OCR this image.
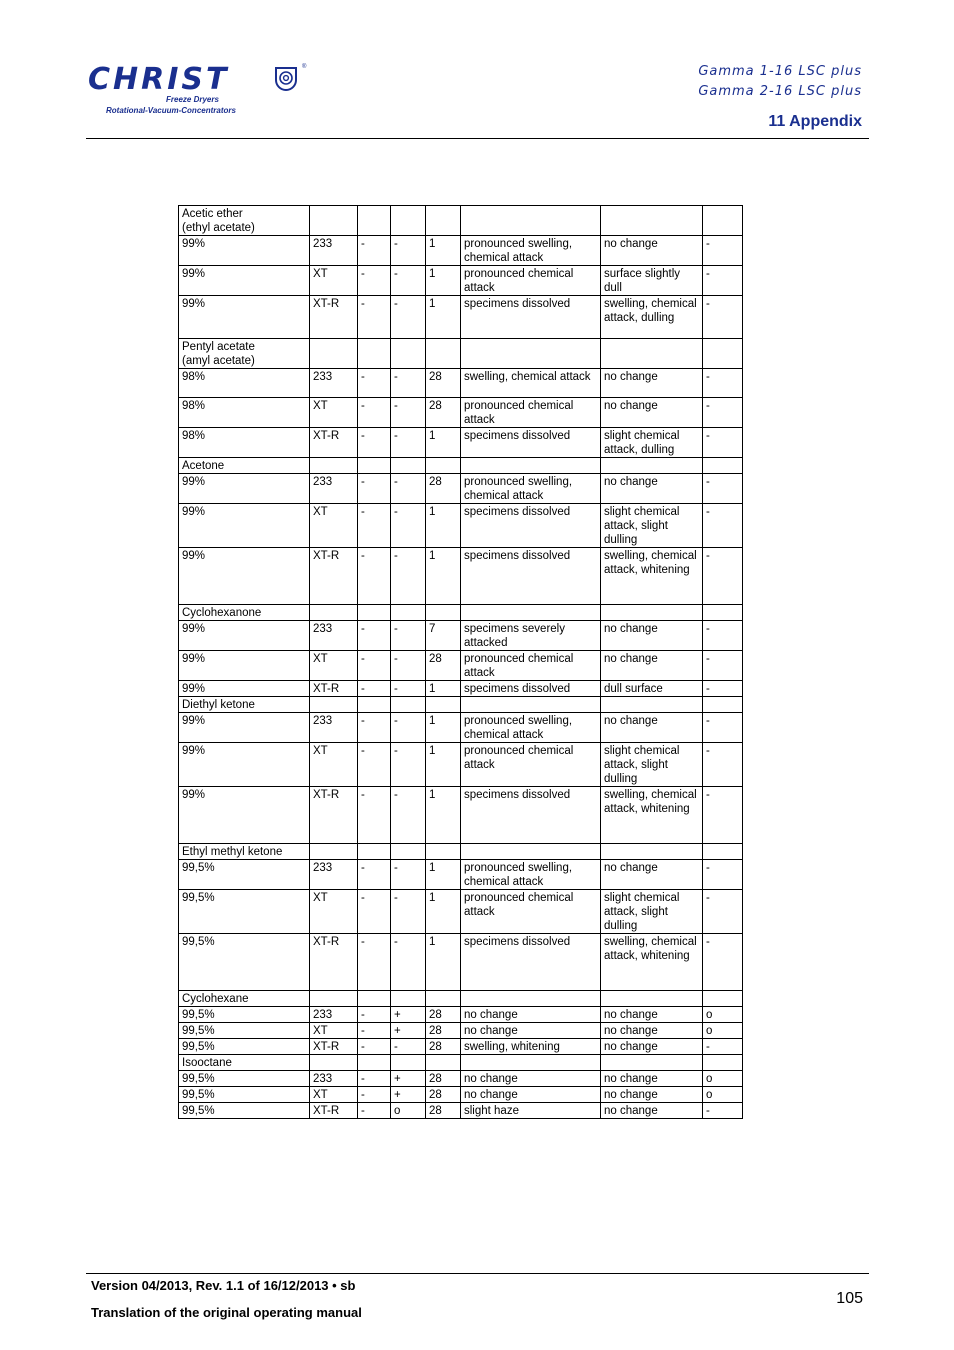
CHRIST	®
Freeze Dryers
Rotational-Vacuum-Concentrators
Gamma 1-16 LSC plus
Gamma 2-16 LSC plus
11 Appendix
Acetic ether
(ethyl acetate)							
99%	233	-	-	1	pronounced swelling, chemical attack	no change	-
99%	XT	-	-	1	pronounced chemical attack	surface slightly dull	-
99%	XT-R	-	-	1	specimens dissolved	swelling, chemical attack, dulling	-
Pentyl acetate
(amyl acetate)							
98%	233	-	-	28	swelling, chemical attack	no change	-
98%	XT	-	-	28	pronounced chemical attack	no change	-
98%	XT-R	-	-	1	specimens dissolved	slight chemical attack, dulling	-
Acetone							
99%	233	-	-	28	pronounced swelling, chemical attack	no change	-
99%	XT	-	-	1	specimens dissolved	slight chemical attack, slight dulling	-
99%	XT-R	-	-	1	specimens dissolved	swelling, chemical attack, whitening	-
Cyclohexanone							
99%	233	-	-	7	specimens severely attacked	no change	-
99%	XT	-	-	28	pronounced chemical attack	no change	-
99%	XT-R	-	-	1	specimens dissolved	dull surface	-
Diethyl ketone							
99%	233	-	-	1	pronounced swelling, chemical attack	no change	-
99%	XT	-	-	1	pronounced chemical attack	slight chemical attack, slight dulling	-
99%	XT-R	-	-	1	specimens dissolved	swelling, chemical attack, whitening	-
Ethyl methyl ketone							
99,5%	233	-	-	1	pronounced swelling, chemical attack	no change	-
99,5%	XT	-	-	1	pronounced chemical attack	slight chemical attack, slight dulling	-
99,5%	XT-R	-	-	1	specimens dissolved	swelling, chemical attack, whitening	-
Cyclohexane							
99,5%	233	-	+	28	no change	no change	o
99,5%	XT	-	+	28	no change	no change	o
99,5%	XT-R	-	-	28	swelling, whitening	no change	-
Isooctane							
99,5%	233	-	+	28	no change	no change	o
99,5%	XT	-	+	28	no change	no change	o
99,5%	XT-R	-	o	28	slight haze	no change	-
Version 04/2013, Rev. 1.1 of 16/12/2013 • sb
Translation of the original operating manual
105
